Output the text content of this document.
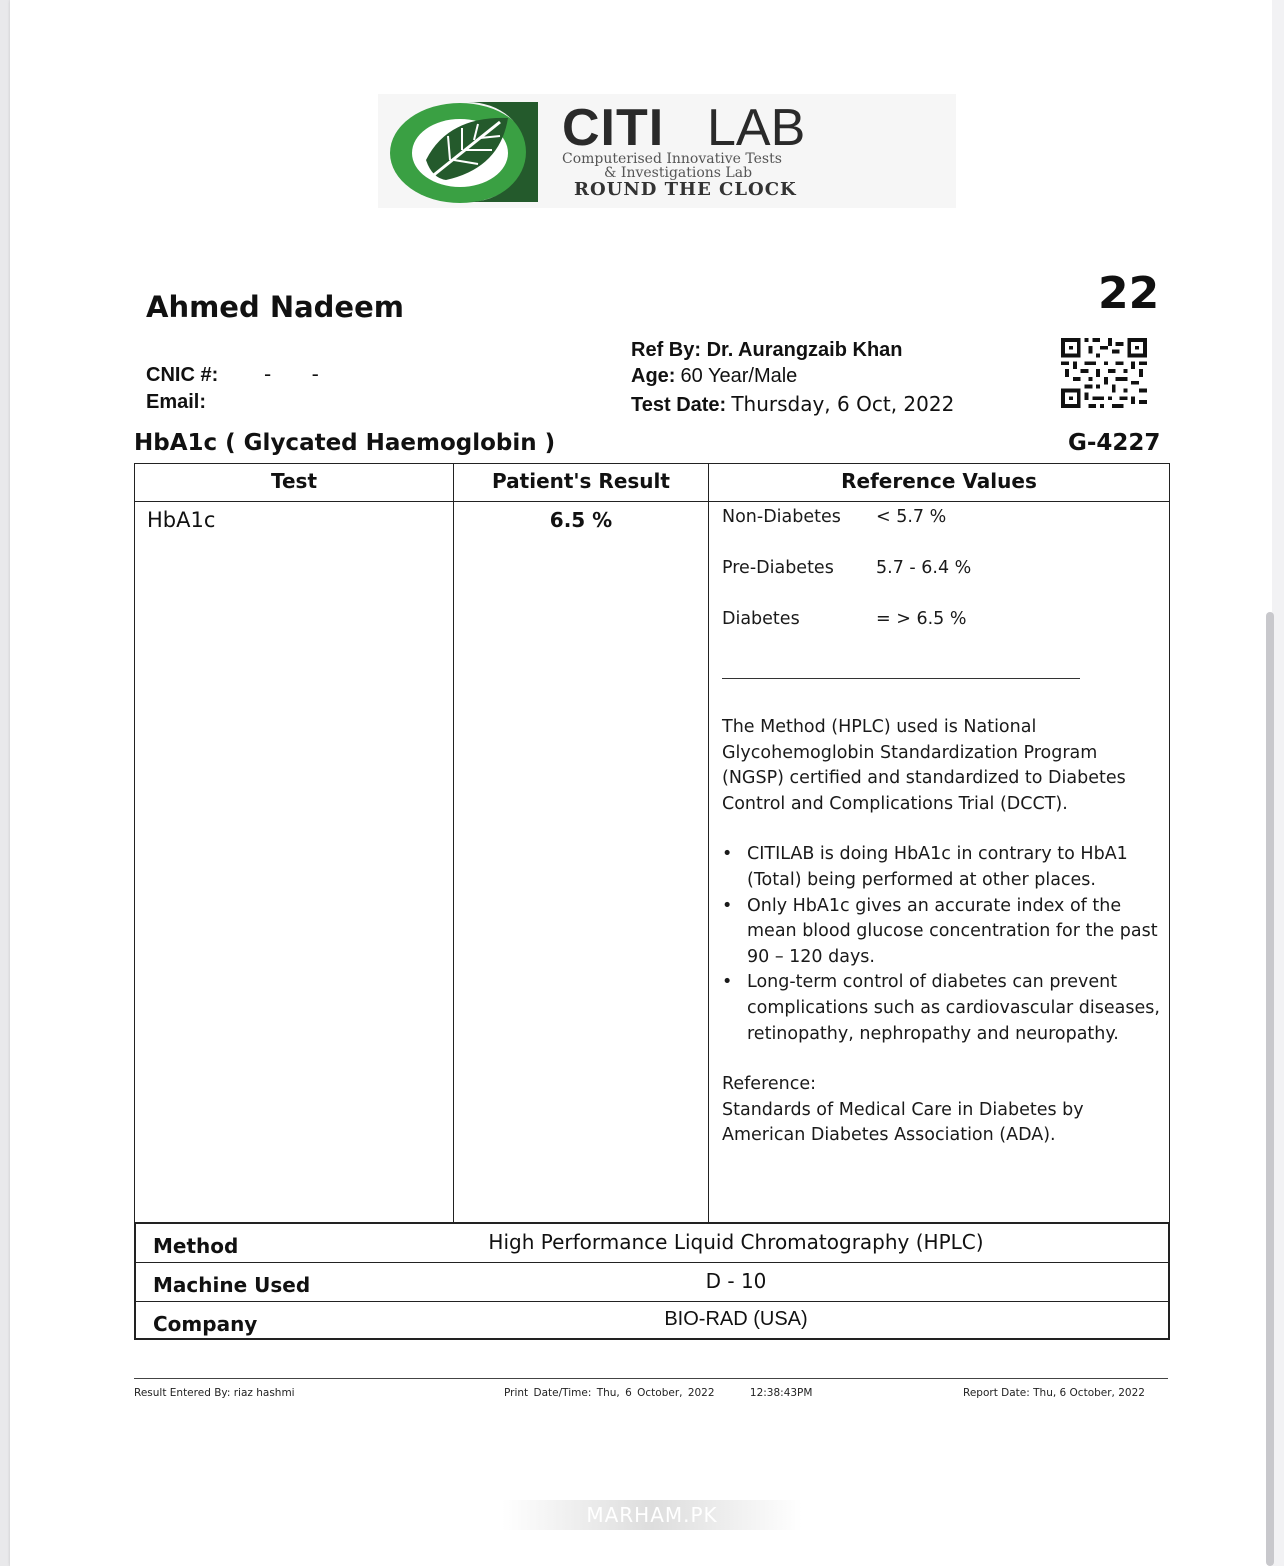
CITI LAB
Computerised Innovative Tests
& Investigations Lab
ROUND THE CLOCK
Ahmed Nadeem	22
CNIC #: - -
Email:
Ref By: Dr. Aurangzaib Khan
Age: 60 Year/Male
Test Date: Thursday, 6 Oct, 2022
HbA1c ( Glycated Haemoglobin )	G-4227
Test	Patient's Result	Reference Values
HbA1c	6.5 %	Non-Diabetes < 5.7 %
Pre-Diabetes 5.7 - 6.4 %
Diabetes	= > 6.5 %
The Method (HPLC) used is National Glycohemoglobin Standardization Program (NGSP) certified and standardized to Diabetes Control and Complications Trial (DCCT).
• CITILAB is doing HbA1c in contrary to HbA1 (Total) being performed at other places.
• Only HbA1c gives an accurate index of the mean blood glucose concentration for the past 90 – 120 days.
• Long-term control of diabetes can prevent complications such as cardiovascular diseases, retinopathy, nephropathy and neuropathy.
Reference:
Standards of Medical Care in Diabetes by American Diabetes Association (ADA).
Method	High Performance Liquid Chromatography (HPLC)
Machine Used	D - 10
Company	BIO-RAD (USA)
Result Entered By: riaz hashmi	Print Date/Time: Thu, 6 October, 2022	12:38:43PM	Report Date: Thu, 6 October, 2022
MARHAM.PK
